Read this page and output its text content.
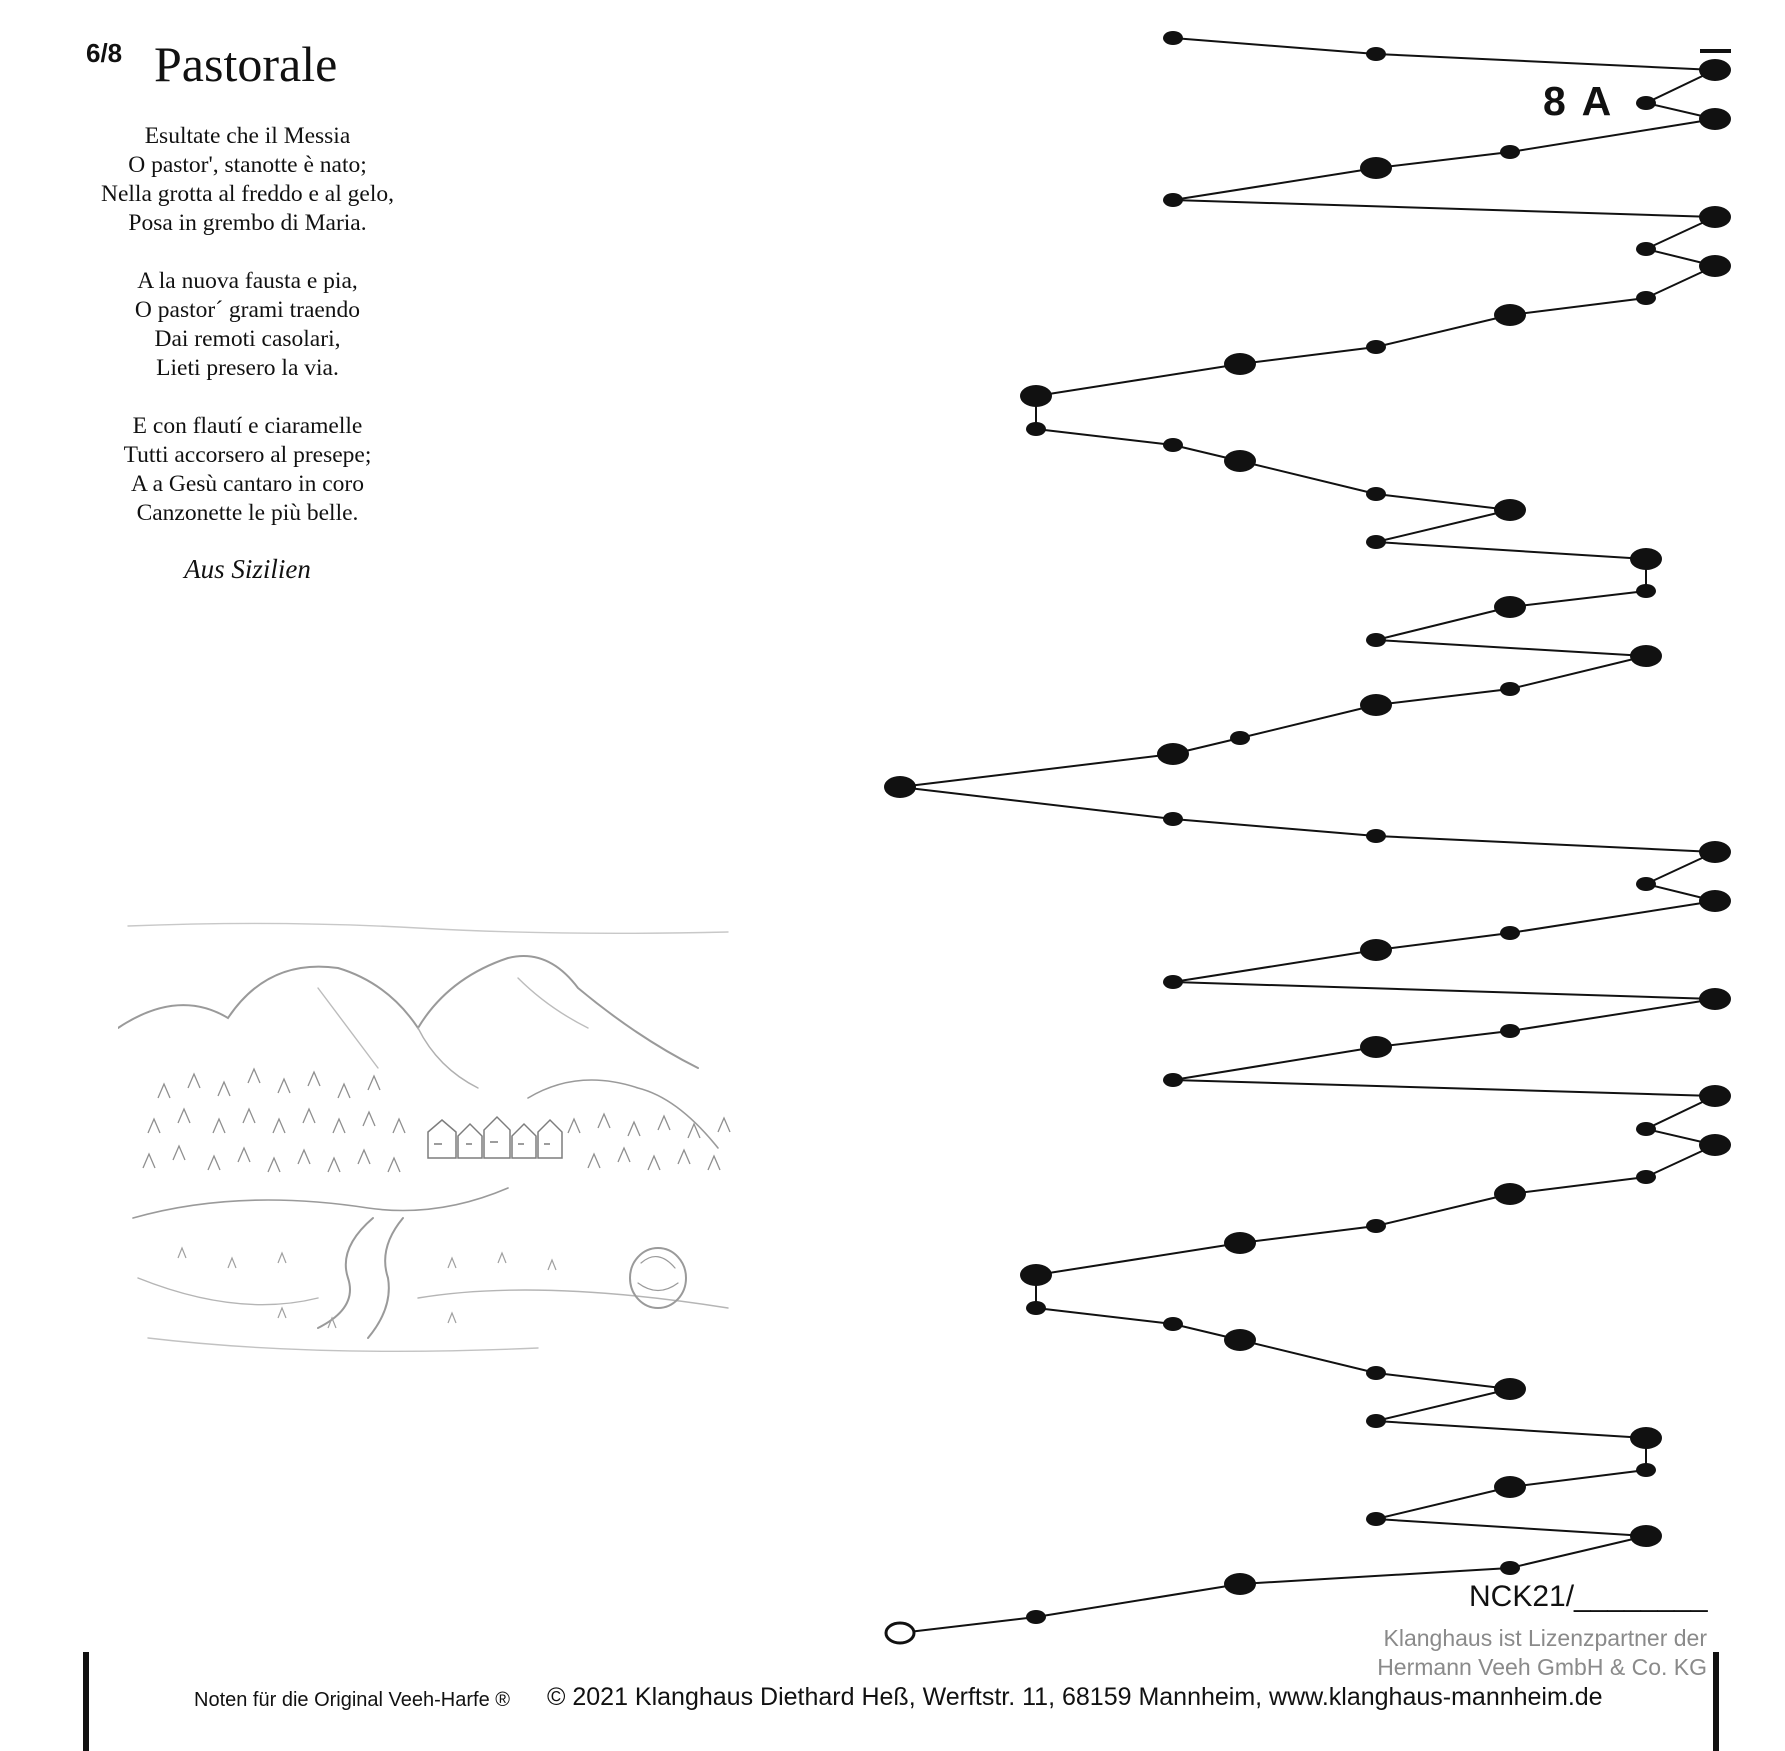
6/8 Pastorale
Esultate che il Messia
O pastor', stanotte è nato;
Nella grotta al freddo e al gelo,
Posa in grembo di Maria.
A la nuova fausta e pia,
O pastor´ grami traendo
Dai remoti casolari,
Lieti presero la via.
E con flautí e ciaramelle
Tutti accorsero al presepe;
A a Gesù cantaro in coro
Canzonette le più belle.
Aus Sizilien
8 A
NCK21/________
Klanghaus ist Lizenzpartner der
Hermann Veeh GmbH & Co. KG
Noten für die Original Veeh-Harfe ® © 2021 Klanghaus Diethard Heß, Werftstr. 11, 68159 Mannheim, www.klanghaus-mannheim.de
